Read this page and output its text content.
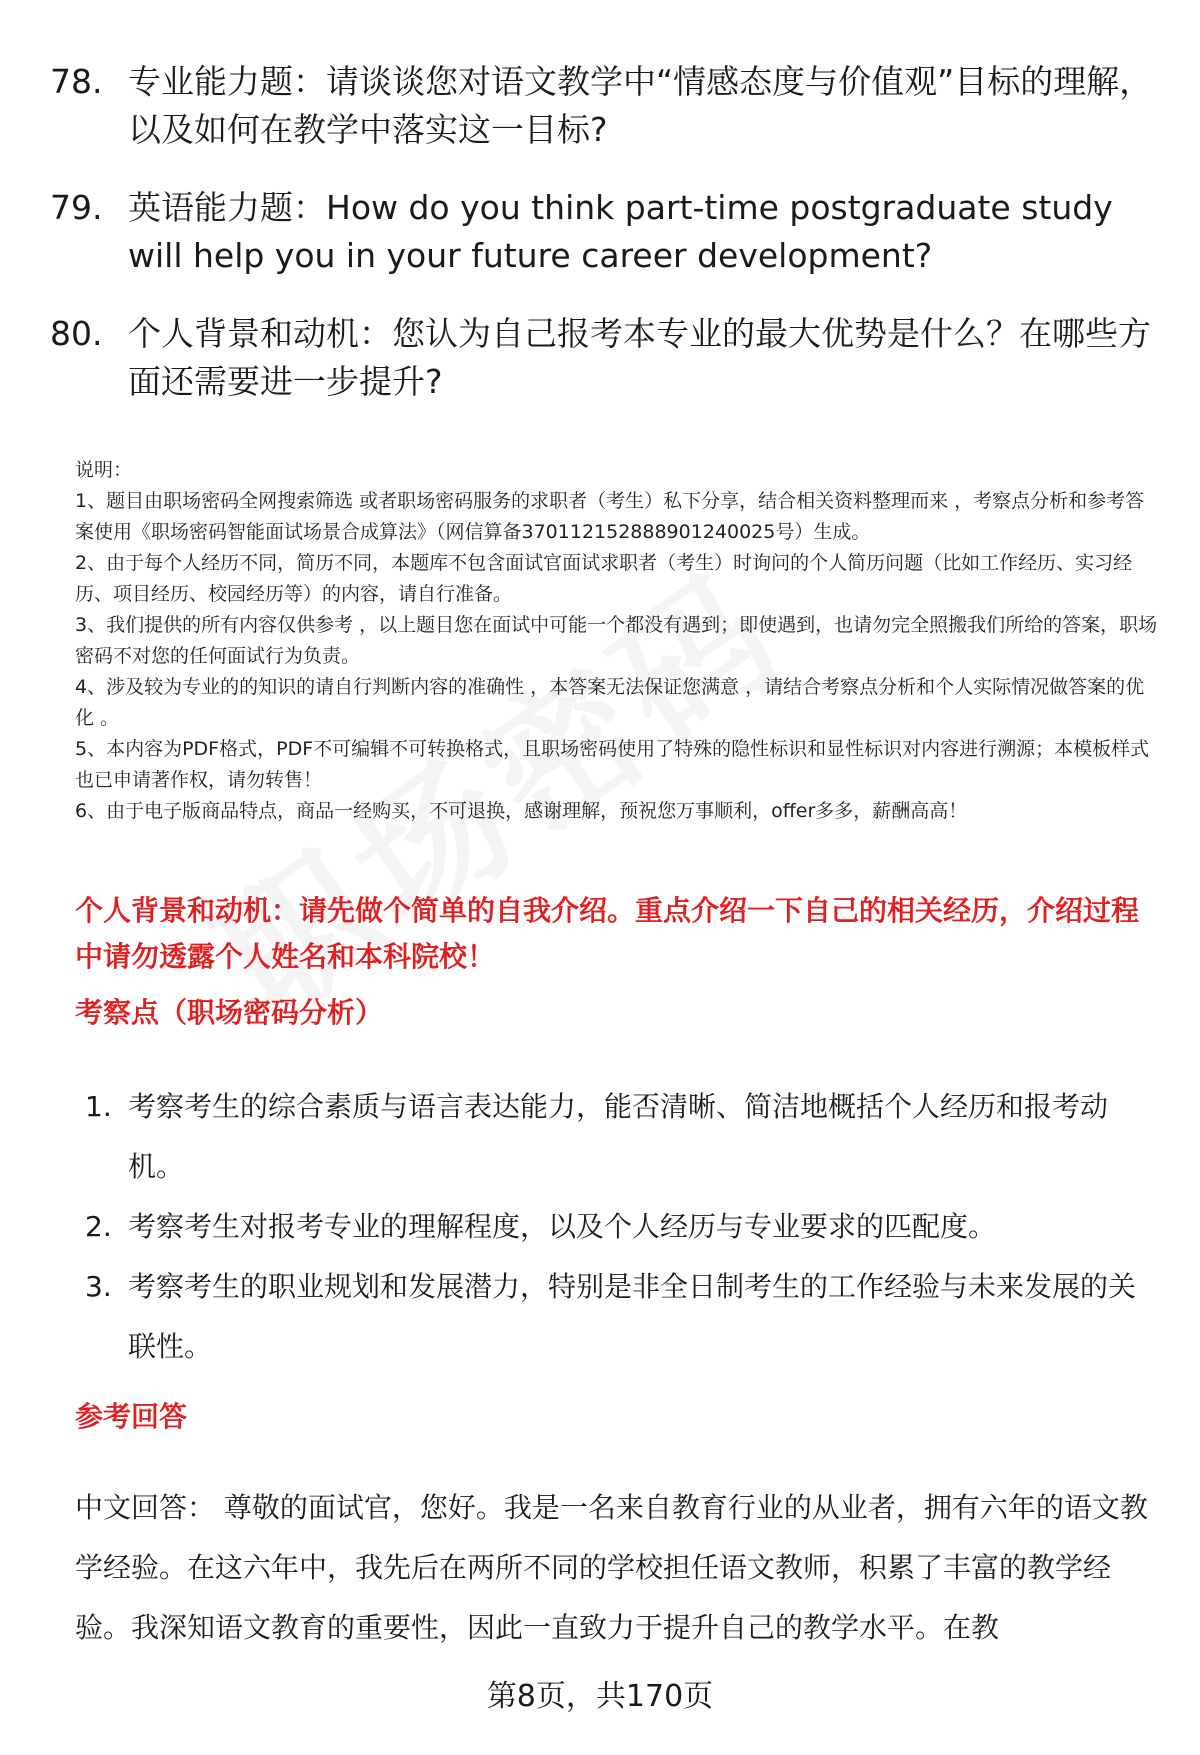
78. 专业能力题：请谈谈您对语文教学中“情感态度与价值观”目标的理解，以及如何在教学中落实这一目标?
79. 英语能力题：How do you think part-time postgraduate study will help you in your future career development?
80. 个人背景和动机：您认为自己报考本专业的最大优势是什么？在哪些方面还需要进一步提升?

说明：

1、题目由职场密码全网搜索筛选 或者职场密码服务的求职者（考生）私下分享，结合相关资料整理而来 ，考察点分析和参考答案使用《职场密码智能面试场景合成算法》（网信算备370112152888901240025号）生成。

2、由于每个人经历不同，简历不同，本题库不包含面试官面试求职者（考生）时询问的个人简历问题（比如工作经历、实习经历、项目经历、校园经历等）的内容，请自行准备。

3、我们提供的所有内容仅供参考 ，以上题目您在面试中可能一个都没有遇到；即使遇到，也请勿完全照搬我们所给的答案，职场密码不对您的任何面试行为负责。

4、涉及较为专业的的知识的请自行判断内容的准确性 ，本答案无法保证您满意 ，请结合考察点分析和个人实际情况做答案的优化 。

5、本内容为PDF格式，PDF不可编辑不可转换格式，且职场密码使用了特殊的隐性标识和显性标识对内容进行溯源；本模板样式也已申请著作权，请勿转售！

6、由于电子版商品特点，商品一经购买，不可退换，感谢理解，预祝您万事顺利，offer多多，薪酬高高！

个人背景和动机：请先做个简单的自我介绍。重点介绍一下自己的相关经历，介绍过程中请勿透露个人姓名和本科院校！
考察点（职场密码分析）
1. 考察考生的综合素质与语言表达能力，能否清晰、简洁地概括个人经历和报考动机。
2. 考察考生对报考专业的理解程度，以及个人经历与专业要求的匹配度。
3. 考察考生的职业规划和发展潜力，特别是非全日制考生的工作经验与未来发展的关联性。
参考回答

中文回答： 尊敬的面试官，您好。我是一名来自教育行业的从业者，拥有六年的语文教学经验。在这六年中，我先后在两所不同的学校担任语文教师，积累了丰富的教学经验。我深知语文教育的重要性，因此一直致力于提升自己的教学水平。在教

第8页，共170页
